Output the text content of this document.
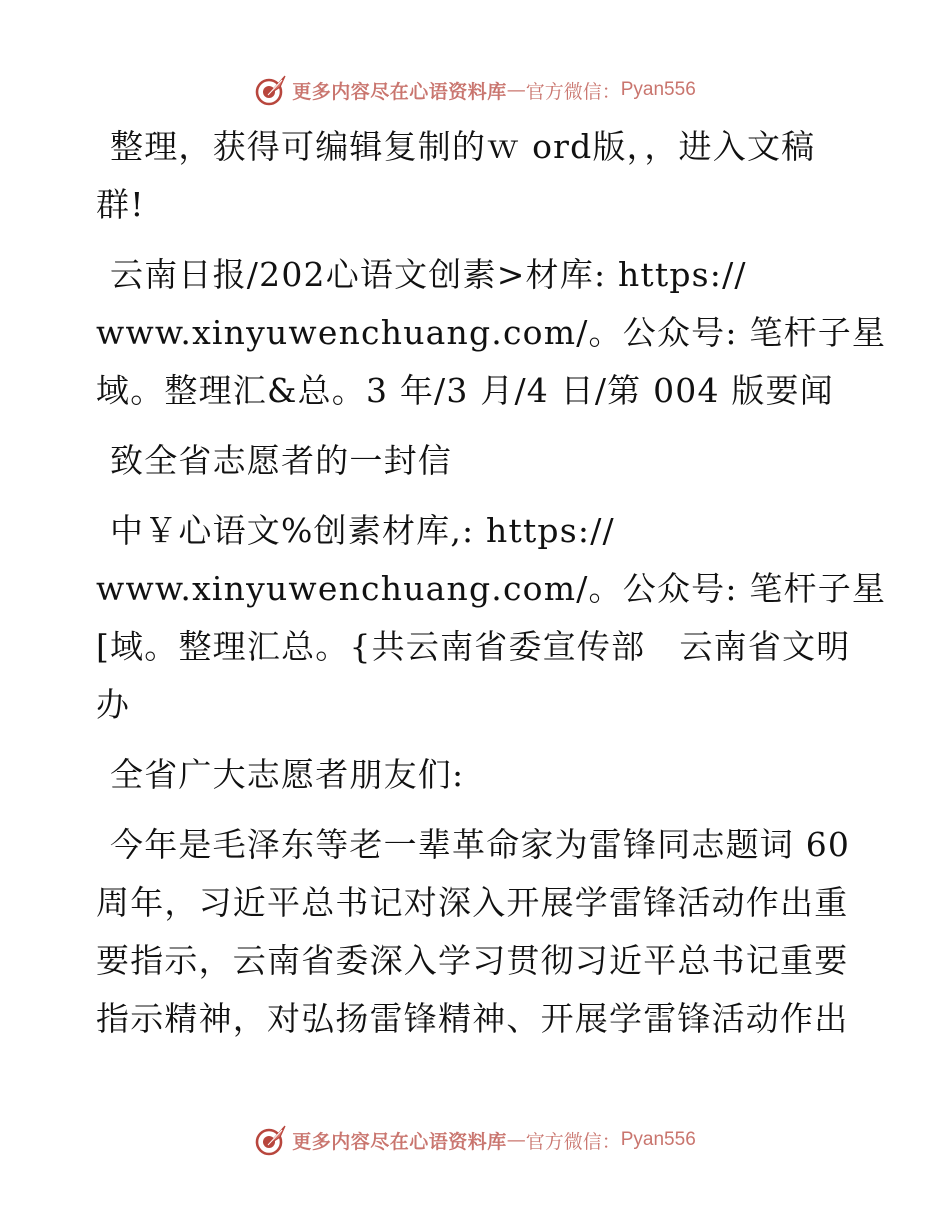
更多内容尽在心语资料库 — 官方微信： Pyan556
整理，获得可编辑复制的ｗ ord版，，进入文稿
群!
云南日报/202心语文创素>材库: https://
www.xinyuwenchuang.com/。公众号: 笔杆子星
域。整理汇&总。3 年/3 月/4 日/第 004 版要闻
致全省志愿者的一封信
中￥心语文%创素材库,: https://
www.xinyuwenchuang.com/。公众号: 笔杆子星
[域。整理汇总。{共云南省委宣传部　云南省文明
办
全省广大志愿者朋友们:
今年是毛泽东等老一辈革命家为雷锋同志题词 60
周年，习近平总书记对深入开展学雷锋活动作出重
要指示，云南省委深入学习贯彻习近平总书记重要
指示精神，对弘扬雷锋精神、开展学雷锋活动作出
更多内容尽在心语资料库 — 官方微信： Pyan556
